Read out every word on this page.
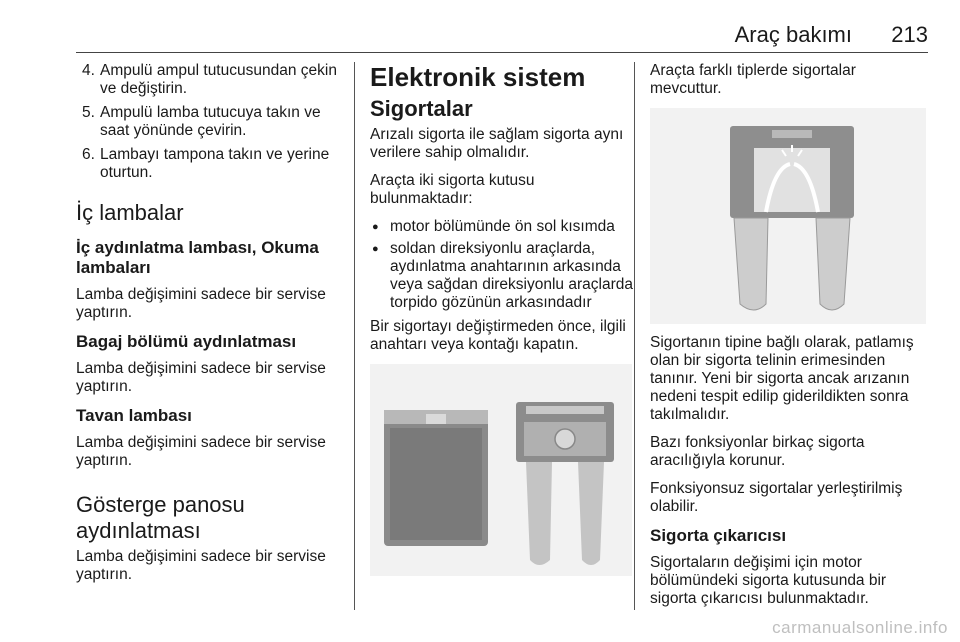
Araç bakımı 213
4. Ampulü ampul tutucusundan çekin ve değiştirin.
5. Ampulü lamba tutucuya takın ve saat yönünde çevirin.
6. Lambayı tampona takın ve yerine oturtun.
İç lambalar
İç aydınlatma lambası, Okuma lambaları

Lamba değişimini sadece bir servise yaptırın.

Bagaj bölümü aydınlatması

Lamba değişimini sadece bir servise yaptırın.

Tavan lambası

Lamba değişimini sadece bir servise yaptırın.

Gösterge panosu aydınlatması

Lamba değişimini sadece bir servise yaptırın.

Elektronik sistem
Sigortalar

Arızalı sigorta ile sağlam sigorta aynı verilere sahip olmalıdır.

Araçta iki sigorta kutusu bulunmaktadır:

● motor bölümünde ön sol kısımda
● soldan direksiyonlu araçlarda, aydınlatma anahtarının arkasında veya sağdan direksiyonlu araçlarda torpido gözünün arkasındadır

Bir sigortayı değiştirmeden önce, ilgili anahtarı veya kontağı kapatın.

Araçta farklı tiplerde sigortalar mevcuttur.

Sigortanın tipine bağlı olarak, patlamış olan bir sigorta telinin erimesinden tanınır. Yeni bir sigorta ancak arızanın nedeni tespit edilip giderildikten sonra takılmalıdır.

Bazı fonksiyonlar birkaç sigorta aracılığıyla korunur.

Fonksiyonsuz sigortalar yerleştirilmiş olabilir.

Sigorta çıkarıcısı

Sigortaların değişimi için motor bölümündeki sigorta kutusunda bir sigorta çıkarıcısı bulunmaktadır.

carmanualsonline.info
